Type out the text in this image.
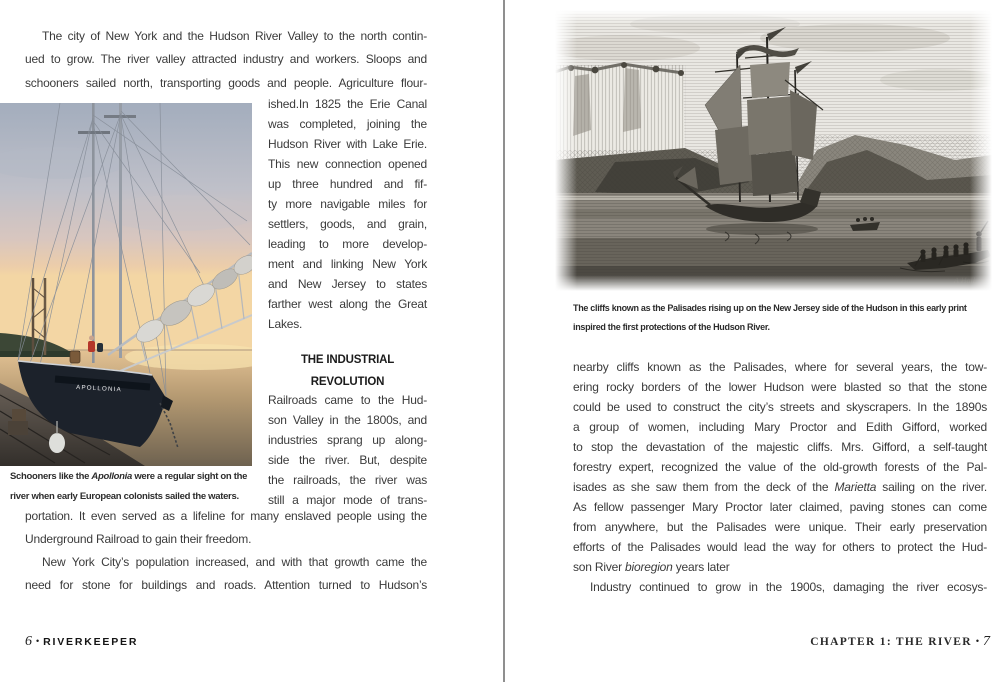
The city of New York and the Hudson River Valley to the north contin-
ued to grow. The river valley attracted industry and workers. Sloops and
schooners sailed north, transporting goods and people. Agriculture flour-
APOLLONIA
ished.In 1825 the Erie Canal
was completed, joining the
Hudson River with Lake Erie.
This new connection opened
up three hundred and fif-
ty more navigable miles for
settlers, goods, and grain,
leading to more develop-
ment and linking New York
and New Jersey to states
farther west along the Great
Lakes.
THE INDUSTRIAL
REVOLUTION
Railroads came to the Hud-
son Valley in the 1800s, and
industries sprang up along-
side the river. But, despite
the railroads, the river was
still a major mode of trans-
Schooners like the Apollonia were a regular sight on the
river when early European colonists sailed the waters.
portation. It even served as a lifeline for many enslaved people using the
Underground Railroad to gain their freedom.
New York City’s population increased, and with that growth came the
need for stone for buildings and roads. Attention turned to Hudson’s
6 • RIVERKEEPER
The cliffs known as the Palisades rising up on the New Jersey side of the Hudson in this early print
inspired the first protections of the Hudson River.
nearby cliffs known as the Palisades, where for several years, the tow-
ering rocky borders of the lower Hudson were blasted so that the stone
could be used to construct the city’s streets and skyscrapers. In the 1890s
a group of women, including Mary Proctor and Edith Gifford, worked
to stop the devastation of the majestic cliffs. Mrs. Gifford, a self-taught
forestry expert, recognized the value of the old-growth forests of the Pal-
isades as she saw them from the deck of the Marietta sailing on the river.
As fellow passenger Mary Proctor later claimed, paving stones can come
from anywhere, but the Palisades were unique. Their early preservation
efforts of the Palisades would lead the way for others to protect the Hud-
son River bioregion years later
Industry continued to grow in the 1900s, damaging the river ecosys-
CHAPTER 1: THE RIVER • 7
